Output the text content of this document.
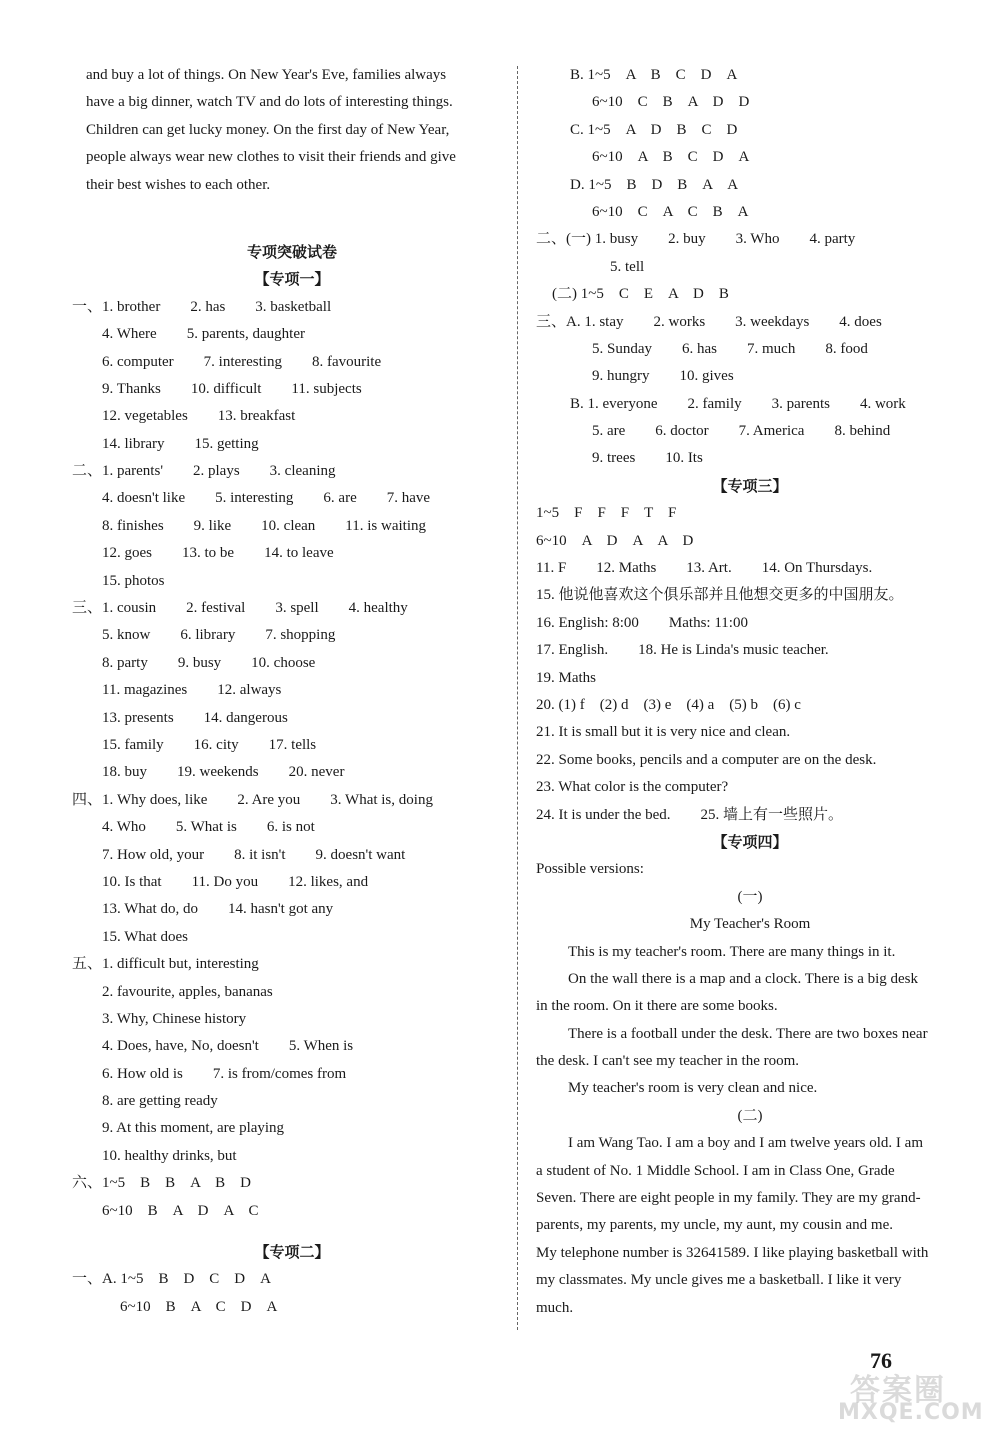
and buy a lot of things. On New Year's Eve, families always
have a big dinner, watch TV and do lots of interesting things.
Children can get lucky money. On the first day of New Year,
people always wear new clothes to visit their friends and give
their best wishes to each other.
专项突破试卷
【专项一】
一、1. brother　　2. has　　3. basketball
4. Where　　5. parents, daughter
6. computer　　7. interesting　　8. favourite
9. Thanks　　10. difficult　　11. subjects
12. vegetables　　13. breakfast
14. library　　15. getting
二、1. parents'　　2. plays　　3. cleaning
4. doesn't like　　5. interesting　　6. are　　7. have
8. finishes　　9. like　　10. clean　　11. is waiting
12. goes　　13. to be　　14. to leave
15. photos
三、1. cousin　　2. festival　　3. spell　　4. healthy
5. know　　6. library　　7. shopping
8. party　　9. busy　　10. choose
11. magazines　　12. always
13. presents　　14. dangerous
15. family　　16. city　　17. tells
18. buy　　19. weekends　　20. never
四、1. Why does, like　　2. Are you　　3. What is, doing
4. Who　　5. What is　　6. is not
7. How old, your　　8. it isn't　　9. doesn't want
10. Is that　　11. Do you　　12. likes, and
13. What do, do　　14. hasn't got any
15. What does
五、1. difficult but, interesting
2. favourite, apples, bananas
3. Why, Chinese history
4. Does, have, No, doesn't　　5. When is
6. How old is　　7. is from/comes from
8. are getting ready
9. At this moment, are playing
10. healthy drinks, but
六、1~5　B　B　A　B　D
6~10　B　A　D　A　C
【专项二】
一、A. 1~5　B　D　C　D　A
6~10　B　A　C　D　A
B. 1~5　A　B　C　D　A
6~10　C　B　A　D　D
C. 1~5　A　D　B　C　D
6~10　A　B　C　D　A
D. 1~5　B　D　B　A　A
6~10　C　A　C　B　A
二、(一) 1. busy　　2. buy　　3. Who　　4. party
5. tell
(二) 1~5　C　E　A　D　B
三、A. 1. stay　　2. works　　3. weekdays　　4. does
5. Sunday　　6. has　　7. much　　8. food
9. hungry　　10. gives
B. 1. everyone　　2. family　　3. parents　　4. work
5. are　　6. doctor　　7. America　　8. behind
9. trees　　10. Its
【专项三】
1~5　F　F　F　T　F
6~10　A　D　A　A　D
11. F　　12. Maths　　13. Art.　　14. On Thursdays.
15. 他说他喜欢这个俱乐部并且他想交更多的中国朋友。
16. English: 8:00　　Maths: 11:00
17. English.　　18. He is Linda's music teacher.
19. Maths
20. (1) f　(2) d　(3) e　(4) a　(5) b　(6) c
21. It is small but it is very nice and clean.
22. Some books, pencils and a computer are on the desk.
23. What color is the computer?
24. It is under the bed.　　25. 墙上有一些照片。
【专项四】
Possible versions:
(一)
My Teacher's Room
This is my teacher's room. There are many things in it.
On the wall there is a map and a clock. There is a big desk
in the room. On it there are some books.
There is a football under the desk. There are two boxes near
the desk. I can't see my teacher in the room.
My teacher's room is very clean and nice.
(二)
I am Wang Tao. I am a boy and I am twelve years old. I am
a student of No. 1 Middle School. I am in Class One, Grade
Seven. There are eight people in my family. They are my grand-
parents, my parents, my uncle, my aunt, my cousin and me.
My telephone number is 32641589. I like playing basketball with
my classmates. My uncle gives me a basketball. I like it very
much.
76
答案圈
MXQE.COM
